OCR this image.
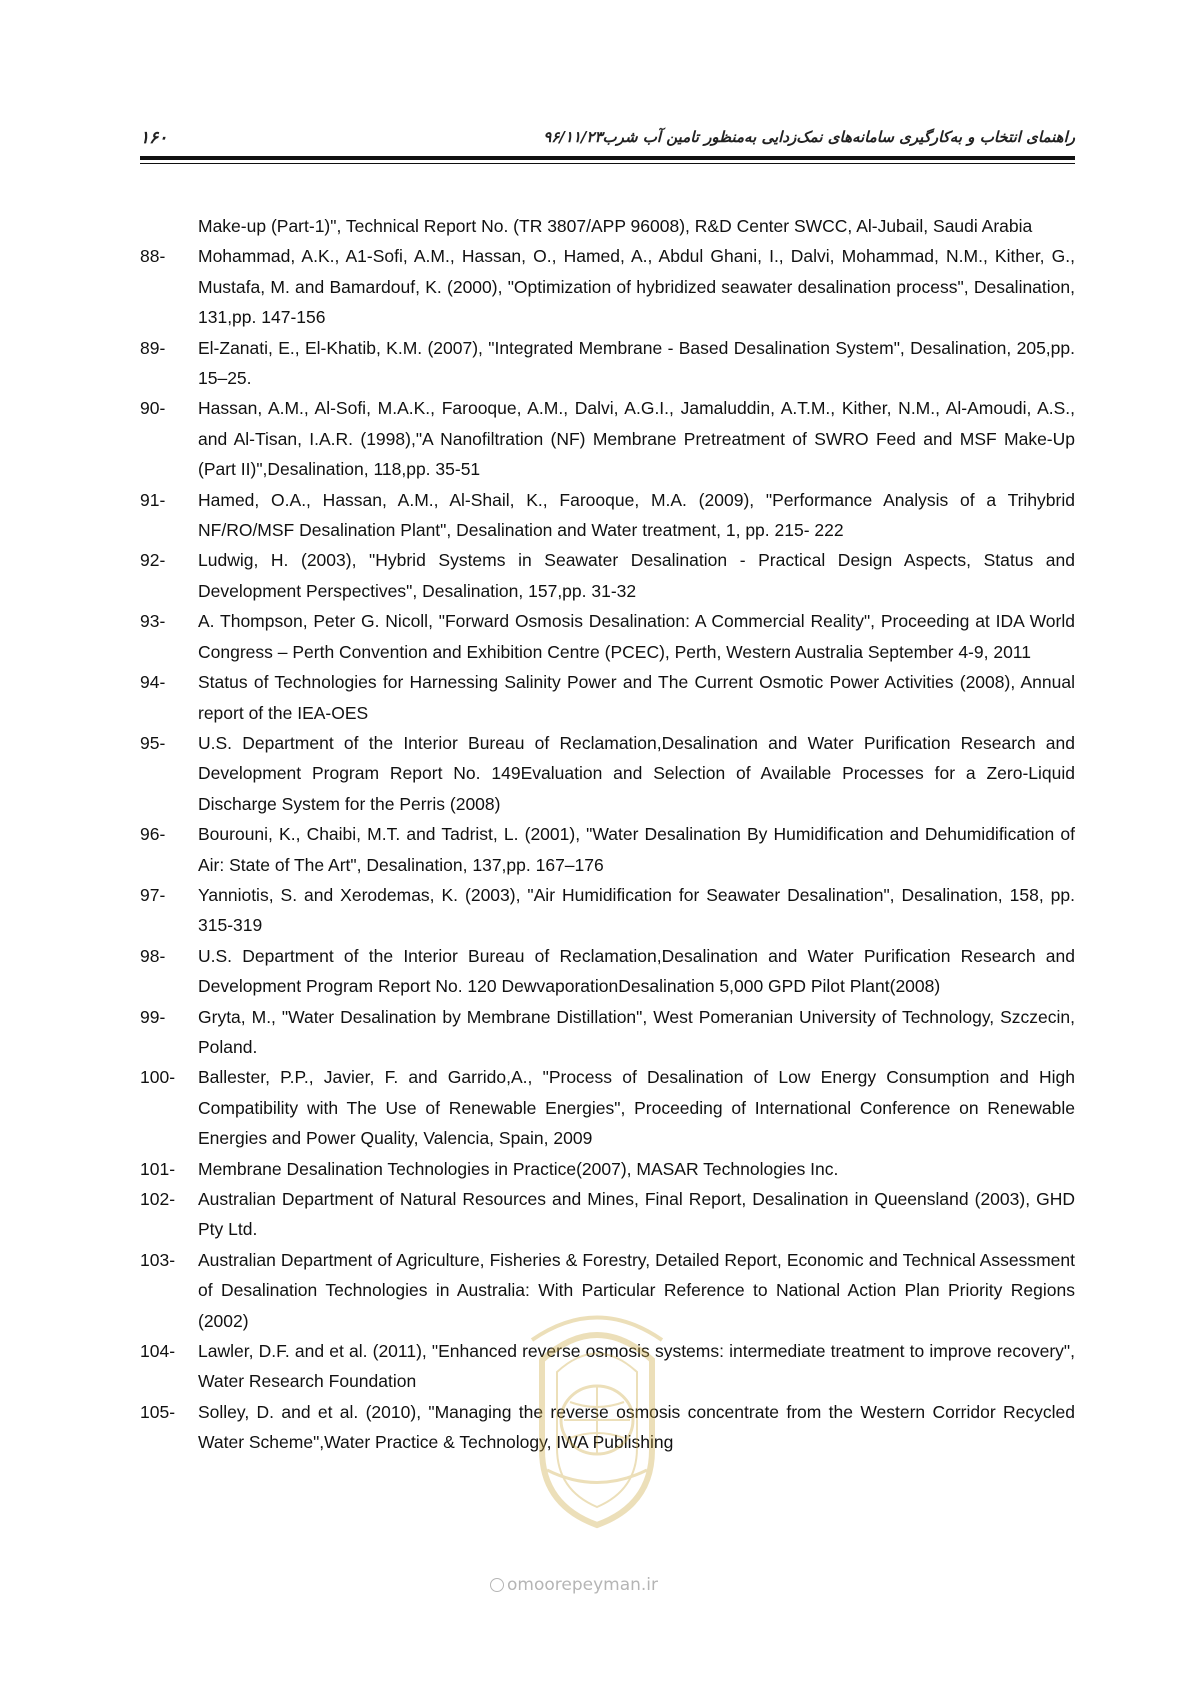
۱۶۰	راهنمای انتخاب و به‌کارگیری سامانه‌های نمک‌زدایی به‌منظور تامین آب شرب۹۶/۱۱/۲۳
Make-up (Part-1)", Technical Report No. (TR 3807/APP 96008), R&D Center SWCC, Al-Jubail, Saudi Arabia
88- Mohammad, A.K., A1-Sofi, A.M., Hassan, O., Hamed, A., Abdul Ghani, I., Dalvi, Mohammad, N.M., Kither, G., Mustafa, M. and Bamardouf, K. (2000), "Optimization of hybridized seawater desalination process", Desalination, 131,pp. 147-156
89- El-Zanati, E., El-Khatib, K.M. (2007), "Integrated Membrane - Based Desalination System", Desalination, 205,pp. 15–25.
90- Hassan, A.M., Al-Sofi, M.A.K., Farooque, A.M., Dalvi, A.G.I., Jamaluddin, A.T.M., Kither, N.M., Al-Amoudi, A.S., and Al-Tisan, I.A.R. (1998),"A Nanofiltration (NF) Membrane Pretreatment of SWRO Feed and MSF Make-Up (Part II)",Desalination, 118,pp. 35-51
91- Hamed, O.A., Hassan, A.M., Al-Shail, K., Farooque, M.A. (2009), "Performance Analysis of a Trihybrid NF/RO/MSF Desalination Plant", Desalination and Water treatment, 1, pp. 215- 222
92- Ludwig, H. (2003), "Hybrid Systems in Seawater Desalination - Practical Design Aspects, Status and Development Perspectives", Desalination, 157,pp. 31-32
93- A. Thompson, Peter G. Nicoll, "Forward Osmosis Desalination: A Commercial Reality", Proceeding at IDA World Congress – Perth Convention and Exhibition Centre (PCEC), Perth, Western Australia September 4-9, 2011
94- Status of Technologies for Harnessing Salinity Power and The Current Osmotic Power Activities (2008), Annual report of the IEA-OES
95- U.S. Department of the Interior Bureau of Reclamation,Desalination and Water Purification Research and Development Program Report No. 149Evaluation and Selection of Available Processes for a Zero-Liquid Discharge System for the Perris (2008)
96- Bourouni, K., Chaibi, M.T. and Tadrist, L. (2001), "Water Desalination By Humidification and Dehumidification of Air: State of The Art", Desalination, 137,pp. 167–176
97- Yanniotis, S. and Xerodemas, K. (2003), "Air Humidification for Seawater Desalination", Desalination, 158, pp. 315-319
98- U.S. Department of the Interior Bureau of Reclamation,Desalination and Water Purification Research and Development Program Report No. 120 DewvaporationDesalination 5,000 GPD Pilot Plant(2008)
99- Gryta, M., "Water Desalination by Membrane Distillation", West Pomeranian University of Technology, Szczecin, Poland.
100- Ballester, P.P., Javier, F. and Garrido,A., "Process of Desalination of Low Energy Consumption and High Compatibility with The Use of Renewable Energies", Proceeding of International Conference on Renewable Energies and Power Quality, Valencia, Spain, 2009
101- Membrane Desalination Technologies in Practice(2007), MASAR Technologies Inc.
102- Australian Department of Natural Resources and Mines, Final Report, Desalination in Queensland (2003), GHD Pty Ltd.
103- Australian Department of Agriculture, Fisheries & Forestry, Detailed Report, Economic and Technical Assessment of Desalination Technologies in Australia: With Particular Reference to National Action Plan Priority Regions (2002)
104- Lawler, D.F. and et al. (2011), "Enhanced reverse osmosis systems: intermediate treatment to improve recovery", Water Research Foundation
105- Solley, D. and et al. (2010), "Managing the reverse osmosis concentrate from the Western Corridor Recycled Water Scheme",Water Practice & Technology, IWA Publishing
omoorepeyman.ir
